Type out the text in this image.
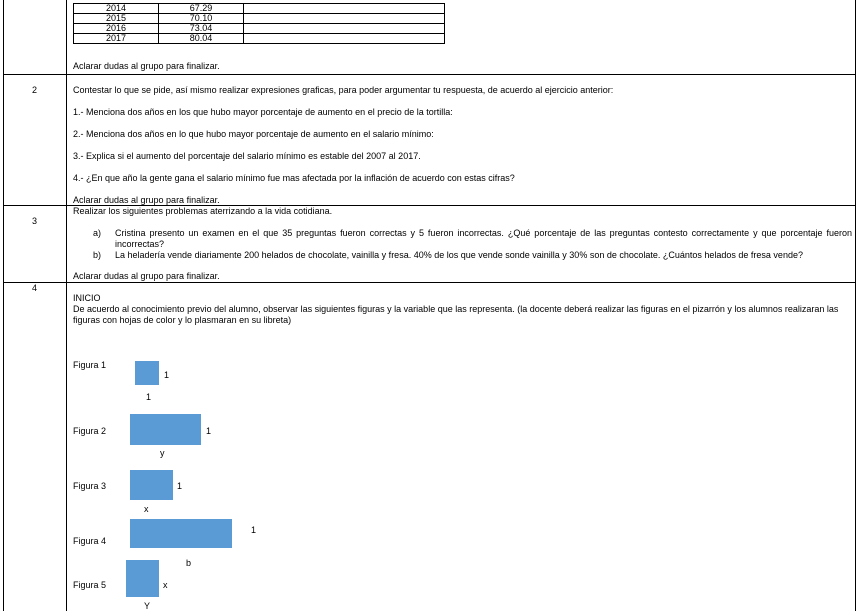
2014	67.29	
2015	70.10	
2016	73.04	
2017	80.04	
Aclarar dudas al grupo para finalizar.
2	Contestar lo que se pide, así mismo realizar expresiones graficas, para poder argumentar tu respuesta, de acuerdo al ejercicio anterior:
1.- Menciona dos años en los que hubo mayor porcentaje de aumento en el precio de la tortilla:
2.- Menciona dos años en lo que hubo mayor porcentaje de aumento en el salario mínimo:
3.- Explica si el aumento del porcentaje del salario mínimo es estable del 2007 al 2017.
4.- ¿En que año la gente gana el salario mínimo fue mas afectada por la inflación de acuerdo con estas cifras?
Aclarar dudas al grupo para finalizar.
3
Realizar los siguientes problemas aterrizando a la vida cotidiana.
a) Cristina presento un examen en el que 35 preguntas fueron correctas y 5 fueron incorrectas. ¿Qué porcentaje de las preguntas contesto correctamente y que porcentaje fueron incorrectas?
b) La heladería vende diariamente 200 helados de chocolate, vainilla y fresa. 40% de los que vende sonde vainilla y 30% son de chocolate. ¿Cuántos helados de fresa vende?
Aclarar dudas al grupo para finalizar.
4
INICIO
De acuerdo al conocimiento previo del alumno, observar las siguientes figuras y la variable que las representa. (la docente deberá realizar las figuras en el pizarrón y los alumnos realizaran las figuras con hojas de color y lo plasmaran en su libreta)
Figura 1
1
1
Figura 2	1
y
Figura 3	1
x
Figura 4
1
b
Figura 5	x
Y
